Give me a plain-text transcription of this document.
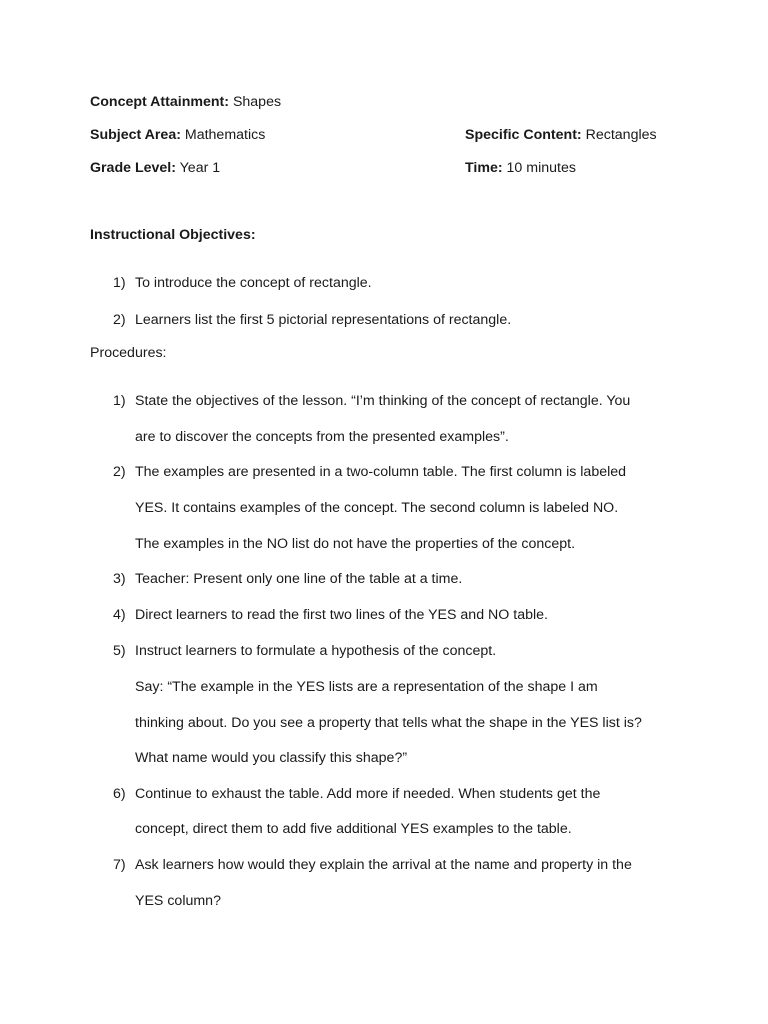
Concept Attainment: Shapes
Subject Area: Mathematics	Specific Content: Rectangles
Grade Level: Year 1	Time: 10 minutes
Instructional Objectives:
1) To introduce the concept of rectangle.
2) Learners list the first 5 pictorial representations of rectangle.
Procedures:
1) State the objectives of the lesson. “I’m thinking of the concept of rectangle. You
are to discover the concepts from the presented examples”.
2) The examples are presented in a two-column table. The first column is labeled
YES. It contains examples of the concept. The second column is labeled NO.
The examples in the NO list do not have the properties of the concept.
3) Teacher: Present only one line of the table at a time.
4) Direct learners to read the first two lines of the YES and NO table.
5) Instruct learners to formulate a hypothesis of the concept.
Say: “The example in the YES lists are a representation of the shape I am
thinking about. Do you see a property that tells what the shape in the YES list is?
What name would you classify this shape?”
6) Continue to exhaust the table. Add more if needed. When students get the
concept, direct them to add five additional YES examples to the table.
7) Ask learners how would they explain the arrival at the name and property in the
YES column?
